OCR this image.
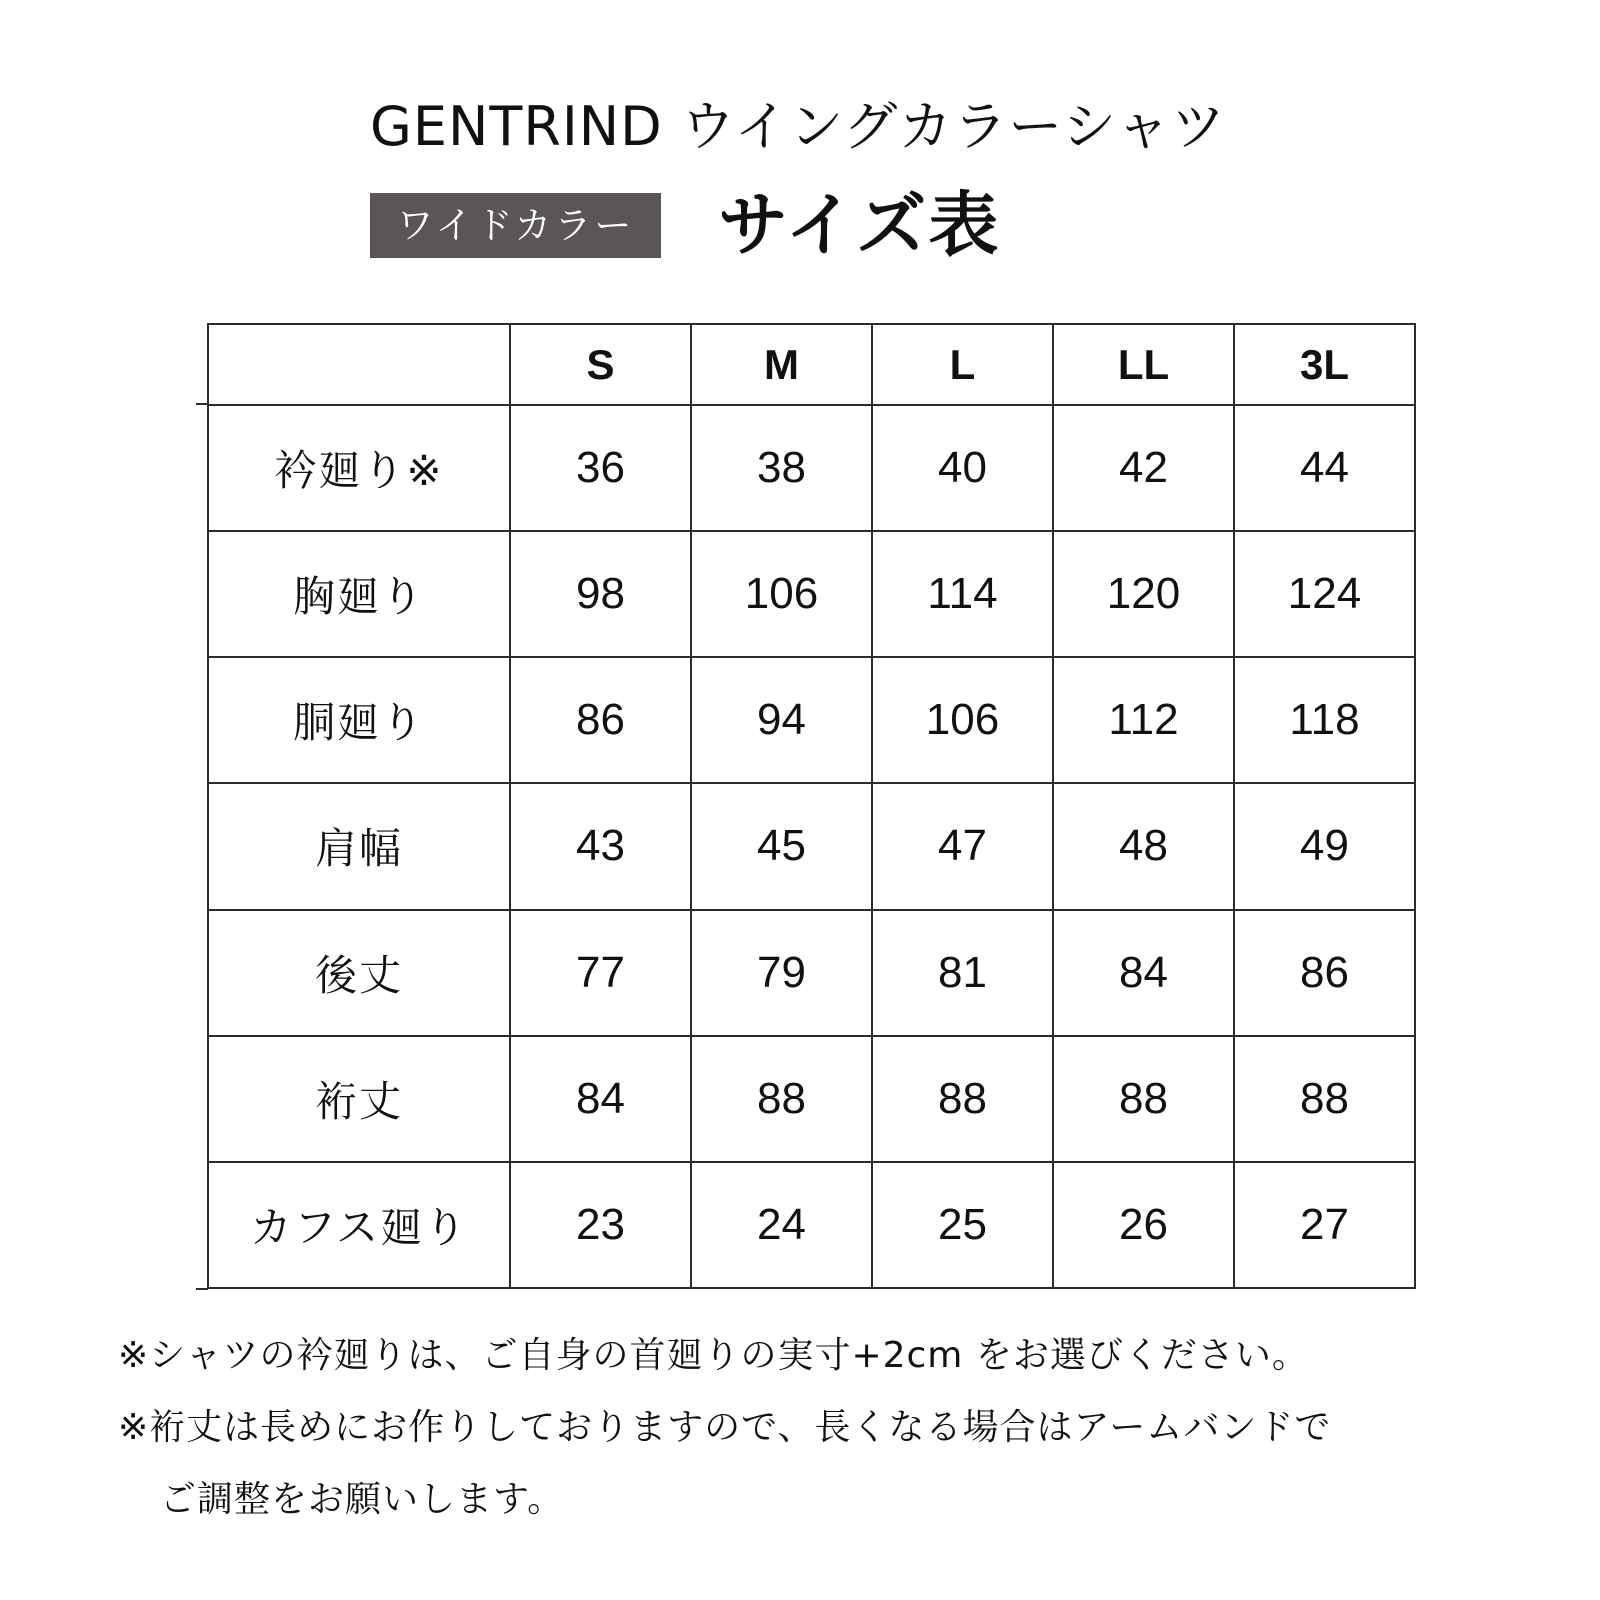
GENTRIND ウイングカラーシャツ
ワイドカラー	サイズ表
	S	M	L	LL	3L
衿廻り※	36	38	40	42	44
胸廻り	98	106	114	120	124
胴廻り	86	94	106	112	118
肩幅	43	45	47	48	49
後丈	77	79	81	84	86
裄丈	84	88	88	88	88
カフス廻り	23	24	25	26	27
※シャツの衿廻りは、ご自身の首廻りの実寸+2cm をお選びください。
※裄丈は長めにお作りしておりますので、長くなる場合はアームバンドで
ご調整をお願いします。
